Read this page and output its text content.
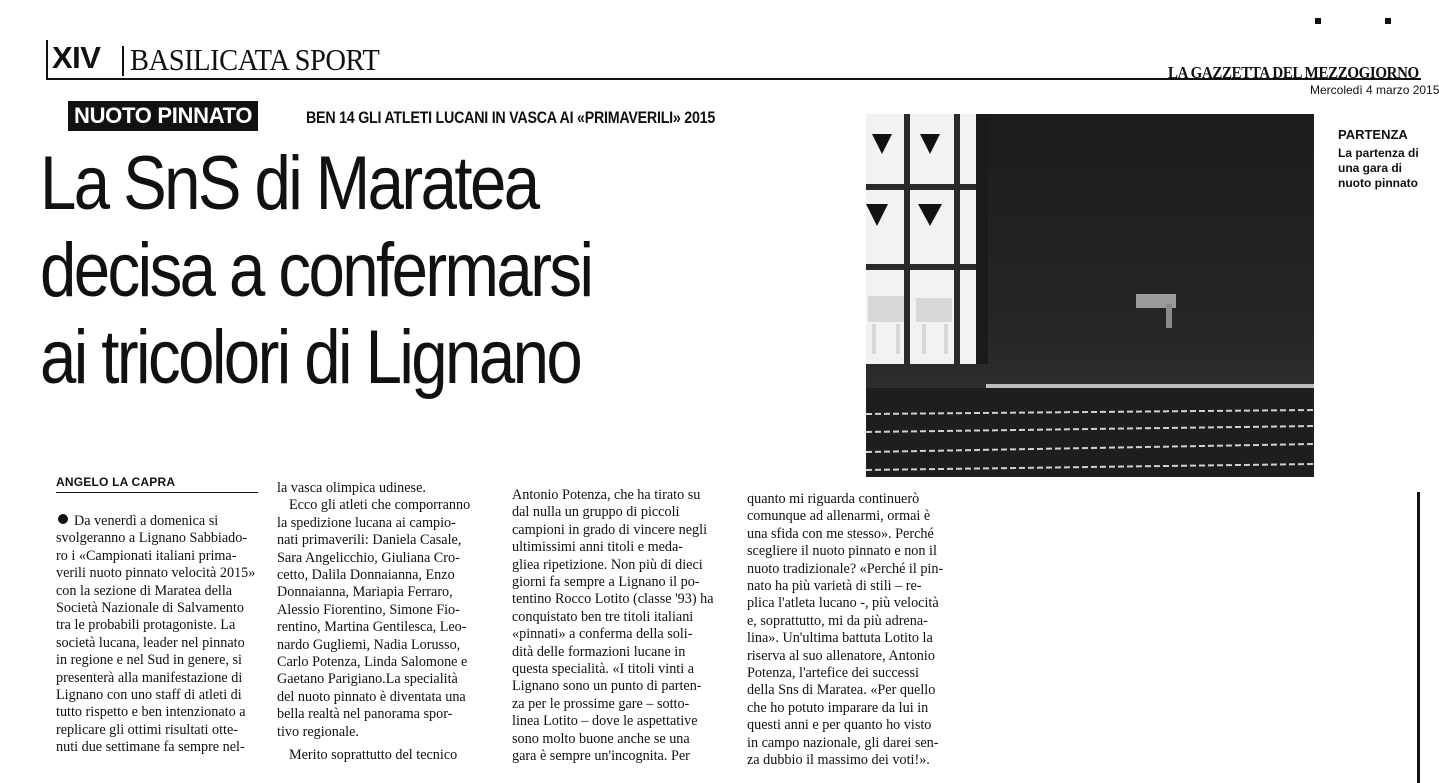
XIV BASILICATA SPORT	LA GAZZETTA DEL MEZZOGIORNO
Mercoledì 4 marzo 2015
NUOTO PINNATO	BEN 14 GLI ATLETI LUCANI IN VASCA AI «PRIMAVERILI» 2015
La SnS di Maratea
decisa a confermarsi
ai tricolori di Lignano
ANGELO LA CAPRA
Da venerdì a domenica si
svolgeranno a Lignano Sabbiado-
ro i «Campionati italiani prima-
verili nuoto pinnato velocità 2015»
con la sezione di Maratea della
Società Nazionale di Salvamento
tra le probabili protagoniste. La
società lucana, leader nel pinnato
in regione e nel Sud in genere, si
presenterà alla manifestazione di
Lignano con uno staff di atleti di
tutto rispetto e ben intenzionato a
replicare gli ottimi risultati otte-
nuti due settimane fa sempre nel-
la vasca olimpica udinese.
Ecco gli atleti che comporranno
la spedizione lucana ai campio-
nati primaverili: Daniela Casale,
Sara Angelicchio, Giuliana Cro-
cetto, Dalila Donnaianna, Enzo
Donnaianna, Mariapia Ferraro,
Alessio Fiorentino, Simone Fio-
rentino, Martina Gentilesca, Leo-
nardo Gugliemi, Nadia Lorusso,
Carlo Potenza, Linda Salomone e
Gaetano Parigiano.La specialità
del nuoto pinnato è diventata una
bella realtà nel panorama spor-
tivo regionale.
Merito soprattutto del tecnico
Antonio Potenza, che ha tirato su
dal nulla un gruppo di piccoli
campioni in grado di vincere negli
ultimissimi anni titoli e meda-
gliea ripetizione. Non più di dieci
giorni fa sempre a Lignano il po-
tentino Rocco Lotito (classe '93) ha
conquistato ben tre titoli italiani
«pinnati» a conferma della soli-
dità delle formazioni lucane in
questa specialità. «I titoli vinti a
Lignano sono un punto di parten-
za per le prossime gare – sotto-
linea Lotito – dove le aspettative
sono molto buone anche se una
gara è sempre un'incognita. Per
quanto mi riguarda continuerò
comunque ad allenarmi, ormai è
una sfida con me stesso». Perché
scegliere il nuoto pinnato e non il
nuoto tradizionale? «Perché il pin-
nato ha più varietà di stili – re-
plica l'atleta lucano -, più velocità
e, soprattutto, mi da più adrena-
lina». Un'ultima battuta Lotito la
riserva al suo allenatore, Antonio
Potenza, l'artefice dei successi
della Sns di Maratea. «Per quello
che ho potuto imparare da lui in
questi anni e per quanto ho visto
in campo nazionale, gli darei sen-
za dubbio il massimo dei voti!».
PARTENZA
La partenza di
una gara di
nuoto pinnato
